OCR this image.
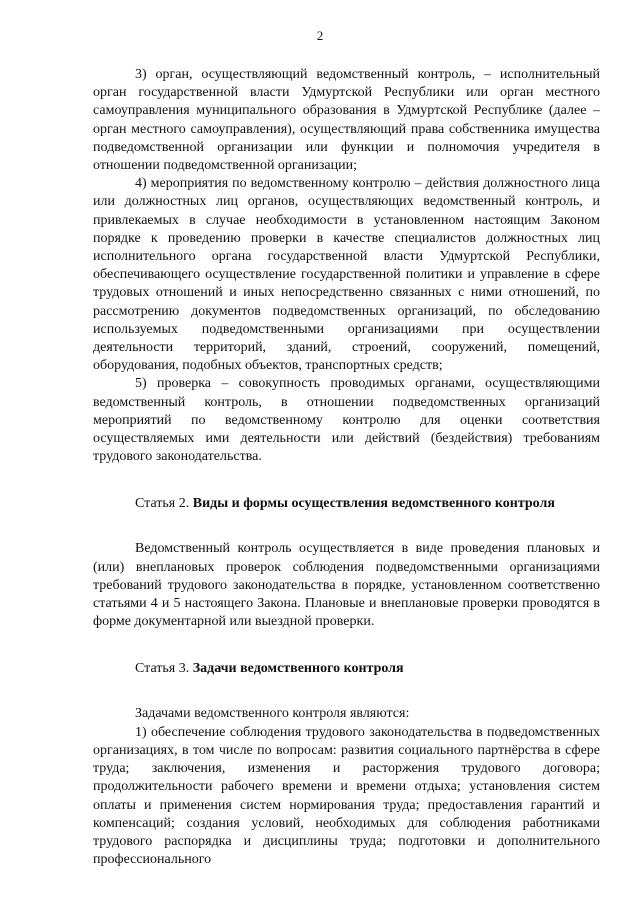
2

3) орган, осуществляющий ведомственный контроль, – исполнительный орган государственной власти Удмуртской Республики или орган местного самоуправления муниципального образования в Удмуртской Республике (далее – орган местного самоуправления), осуществляющий права собственника имущества подведомственной организации или функции и полномочия учредителя в отношении подведомственной организации;

4) мероприятия по ведомственному контролю – действия должностного лица или должностных лиц органов, осуществляющих ведомственный контроль, и привлекаемых в случае необходимости в установленном настоящим Законом порядке к проведению проверки в качестве специалистов должностных лиц исполнительного органа государственной власти Удмуртской Республики, обеспечивающего осуществление государственной политики и управление в сфере трудовых отношений и иных непосредственно связанных с ними отношений, по рассмотрению документов подведомственных организаций, по обследованию используемых подведомственными организациями при осуществлении деятельности территорий, зданий, строений, сооружений, помещений, оборудования, подобных объектов, транспортных средств;

5) проверка – совокупность проводимых органами, осуществляющими ведомственный контроль, в отношении подведомственных организаций мероприятий по ведомственному контролю для оценки соответствия осуществляемых ими деятельности или действий (бездействия) требованиям трудового законодательства.

Статья 2. Виды и формы осуществления ведомственного контроля

Ведомственный контроль осуществляется в виде проведения плановых и (или) внеплановых проверок соблюдения подведомственными организациями требований трудового законодательства в порядке, установленном соответственно статьями 4 и 5 настоящего Закона. Плановые и внеплановые проверки проводятся в форме документарной или выездной проверки.

Статья 3. Задачи ведомственного контроля

Задачами ведомственного контроля являются:

1) обеспечение соблюдения трудового законодательства в подведомственных организациях, в том числе по вопросам: развития социального партнёрства в сфере труда; заключения, изменения и расторжения трудового договора; продолжительности рабочего времени и времени отдыха; установления систем оплаты и применения систем нормирования труда; предоставления гарантий и компенсаций; создания условий, необходимых для соблюдения работниками трудового распорядка и дисциплины труда; подготовки и дополнительного профессионального
